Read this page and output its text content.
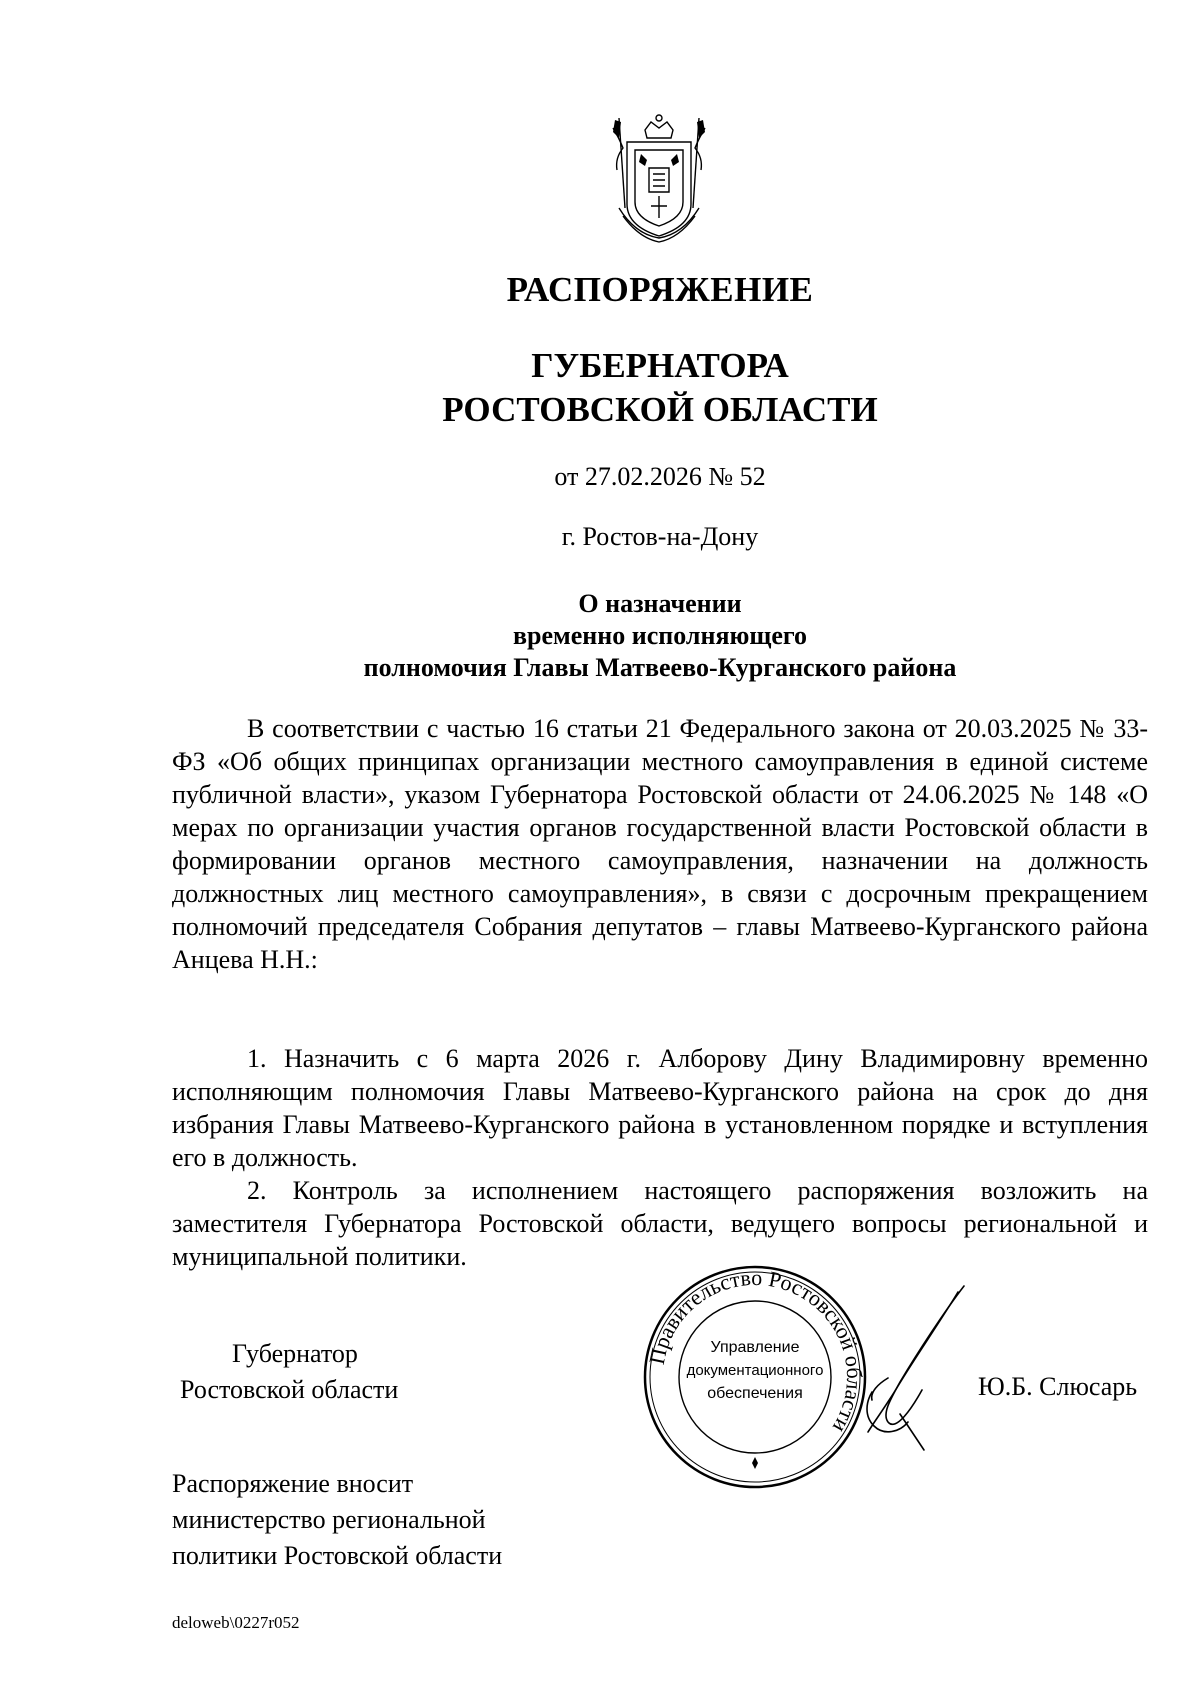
РАСПОРЯЖЕНИЕ
ГУБЕРНАТОРА
РОСТОВСКОЙ ОБЛАСТИ
от 27.02.2026 № 52
г. Ростов-на-Дону
О назначении
временно исполняющего
полномочия Главы Матвеево-Курганского района

В соответствии с частью 16 статьи 21 Федерального закона от 20.03.2025 № 33-ФЗ «Об общих принципах организации местного самоуправления в единой системе публичной власти», указом Губернатора Ростовской области от 24.06.2025 № 148 «О мерах по организации участия органов государственной власти Ростовской области в формировании органов местного самоуправления, назначении на должность должностных лиц местного самоуправления», в связи с досрочным прекращением полномочий председателя Собрания депутатов – главы Матвеево-Курганского района Анцева Н.Н.:

1. Назначить с 6 марта 2026 г. Алборову Дину Владимировну временно исполняющим полномочия Главы Матвеево-Курганского района на срок до дня избрания Главы Матвеево-Курганского района в установленном порядке и вступления его в должность.

2. Контроль за исполнением настоящего распоряжения возложить на заместителя Губернатора Ростовской области, ведущего вопросы региональной и муниципальной политики.

Губернатор
Ростовской области
Правительство Ростовской области
Управление
документационного
обеспечения	Ю.Б. Слюсарь
Распоряжение вносит
министерство региональной
политики Ростовской области
deloweb\0227r052
